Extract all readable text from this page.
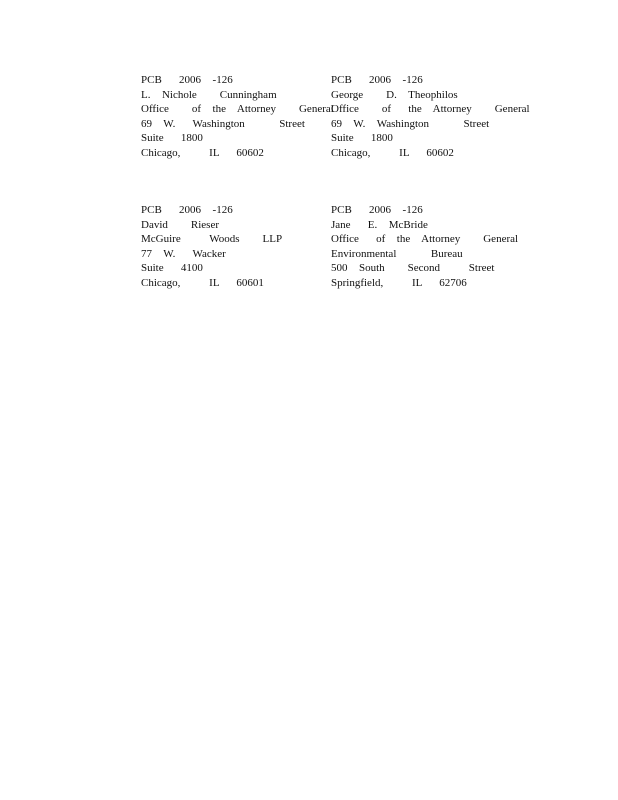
PCB   2006  -126
L.  Nichole    Cunningham
Office    of  the  Attorney    General
69  W.   Washington      Street
Suite   1800
Chicago,     IL   60602
PCB   2006  -126
George    D.  Theophilos
Office    of   the  Attorney    General
69  W.  Washington      Street
Suite   1800
Chicago,     IL   60602
PCB   2006  -126
David    Rieser
McGuire     Woods    LLP
77  W.   Wacker
Suite   4100
Chicago,     IL   60601
PCB   2006  -126
Jane   E.  McBride
Office   of  the  Attorney    General
Environmental      Bureau
500  South    Second     Street
Springfield,     IL   62706
